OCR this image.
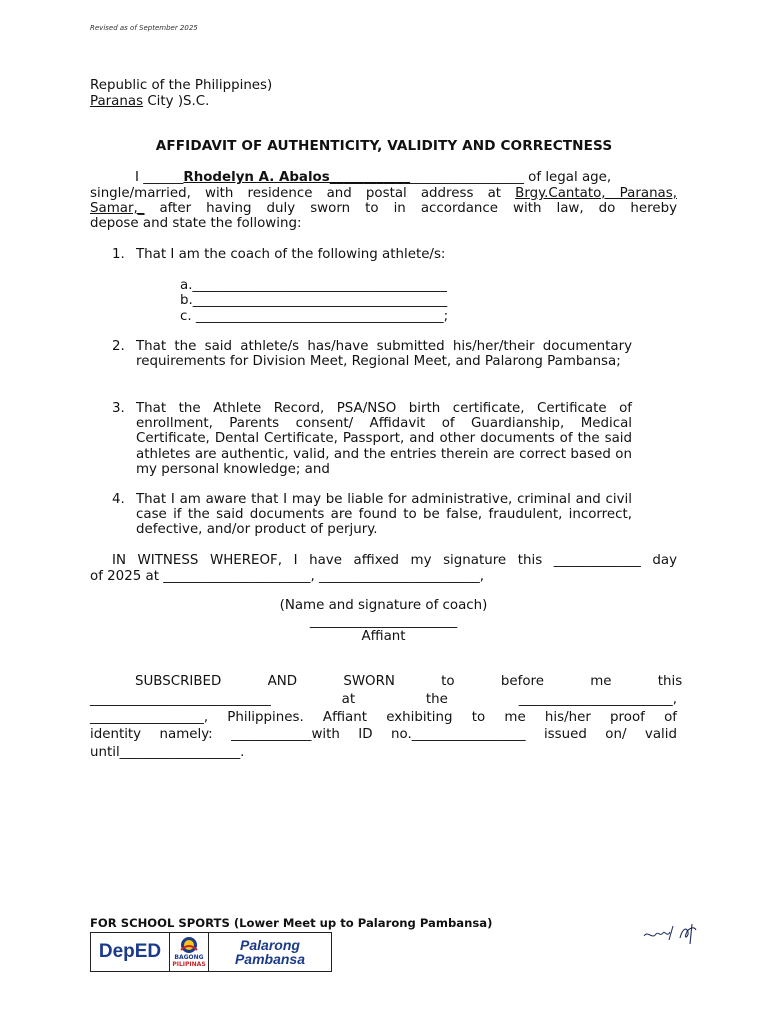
Revised as of September 2025
Republic of the Philippines)
Paranas City )S.C.
AFFIDAVIT OF AUTHENTICITY, VALIDITY AND CORRECTNESS
I ______Rhodelyn A. Abalos_____________________________ of legal age,
single/married, with residence and postal address at Brgy.Cantato, Paranas,
Samar,_ after having duly sworn to in accordance with law, do hereby
depose and state the following:
1. That I am the coach of the following athlete/s:
a.______________________________________
b.______________________________________
c. _____________________________________;
2. That the said athlete/s has/have submitted his/her/their documentary requirements for Division Meet, Regional Meet, and Palarong Pambansa;
3. That the Athlete Record, PSA/NSO birth certificate, Certificate of enrollment, Parents consent/ Affidavit of Guardianship, Medical Certificate, Dental Certificate, Passport, and other documents of the said athletes are authentic, valid, and the entries therein are correct based on my personal knowledge; and
4. That I am aware that I may be liable for administrative, criminal and civil case if the said documents are found to be false, fraudulent, incorrect, defective, and/or product of perjury.
IN WITNESS WHEREOF, I have affixed my signature this _____________ day
of 2025 at ______________________, ________________________,
(Name and signature of coach)
______________________
Affiant
SUBSCRIBED AND SWORN to before me this
___________________________ at the _______________________,
_________________, Philippines. Affiant exhibiting to me his/her proof of
identity namely: ____________with ID no._________________ issued on/ valid
until__________________.
FOR SCHOOL SPORTS (Lower Meet up to Palarong Pambansa)
DepED	BAGONG
PILIPINAS
Palarong
Pambansa
